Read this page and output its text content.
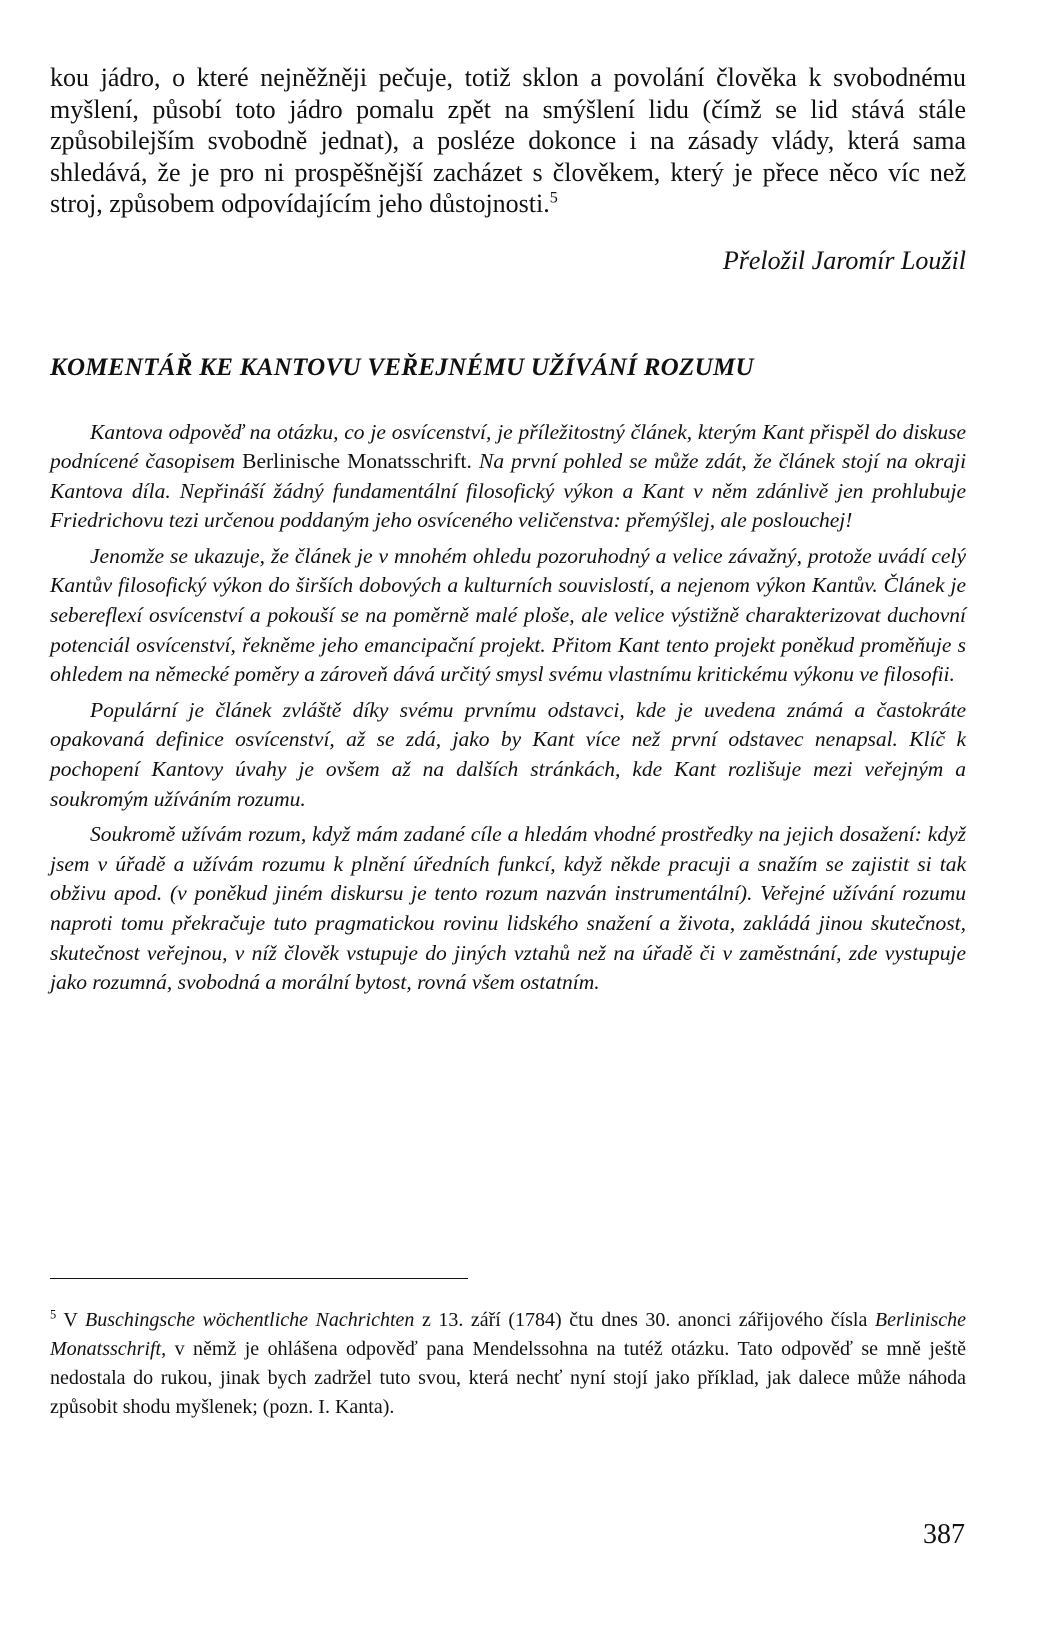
kou jádro, o které nejněžněji pečuje, totiž sklon a povolání člověka k svobodnému myšlení, působí toto jádro pomalu zpět na smýšlení lidu (čímž se lid stává stále způsobilejším svobodně jednat), a posléze dokonce i na zásady vlády, která sama shledává, že je pro ni prospěšnější zacházet s člověkem, který je přece něco víc než stroj, způsobem odpovídajícím jeho důstojnosti.$^5$

Přeložil Jaromír Loužil

KOMENTÁŘ KE KANTOVU VEŘEJNÉMU UŽÍVÁNÍ ROZUMU

Kantova odpověď na otázku, co je osvícenství, je příležitostný článek, kterým Kant přispěl do diskuse podnícené časopisem Berlinische Monatsschrift. Na první pohled se může zdát, že článek stojí na okraji Kantova díla. Nepřináší žádný fundamentální filosofický výkon a Kant v něm zdánlivě jen prohlubuje Friedrichovu tezi určenou poddaným jeho osvíceného veličenstva: přemýšlej, ale poslouchej!

Jenomže se ukazuje, že článek je v mnohém ohledu pozoruhodný a velice závažný, protože uvádí celý Kantův filosofický výkon do širších dobových a kulturních souvislostí, a nejenom výkon Kantův. Článek je sebereflexí osvícenství a pokouší se na poměrně malé ploše, ale velice výstižně charakterizovat duchovní potenciál osvícenství, řekněme jeho emancipační projekt. Přitom Kant tento projekt poněkud proměňuje s ohledem na německé poměry a zároveň dává určitý smysl svému vlastnímu kritickému výkonu ve filosofii.

Populární je článek zvláště díky svému prvnímu odstavci, kde je uvedena známá a častokráte opakovaná definice osvícenství, až se zdá, jako by Kant více než první odstavec nenapsal. Klíč k pochopení Kantovy úvahy je ovšem až na dalších stránkách, kde Kant rozlišuje mezi veřejným a soukromým užíváním rozumu.

Soukromě užívám rozum, když mám zadané cíle a hledám vhodné prostředky na jejich dosažení: když jsem v úřadě a užívám rozumu k plnění úředních funkcí, když někde pracuji a snažím se zajistit si tak obživu apod. (v poněkud jiném diskursu je tento rozum nazván instrumentální). Veřejné užívání rozumu naproti tomu překračuje tuto pragmatickou rovinu lidského snažení a života, zakládá jinou skutečnost, skutečnost veřejnou, v níž člověk vstupuje do jiných vztahů než na úřadě či v zaměstnání, zde vystupuje jako rozumná, svobodná a morální bytost, rovná všem ostatním.

$^5$ V Buschingsche wöchentliche Nachrichten z 13. září (1784) čtu dnes 30. anonci zářijového čísla Berlinische Monatsschrift, v němž je ohlášena odpověď pana Mendelssohna na tutéž otázku. Tato odpověď se mně ještě nedostala do rukou, jinak bych zadržel tuto svou, která nechť nyní stojí jako příklad, jak dalece může náhoda způsobit shodu myšlenek; (pozn. I. Kanta).

387
